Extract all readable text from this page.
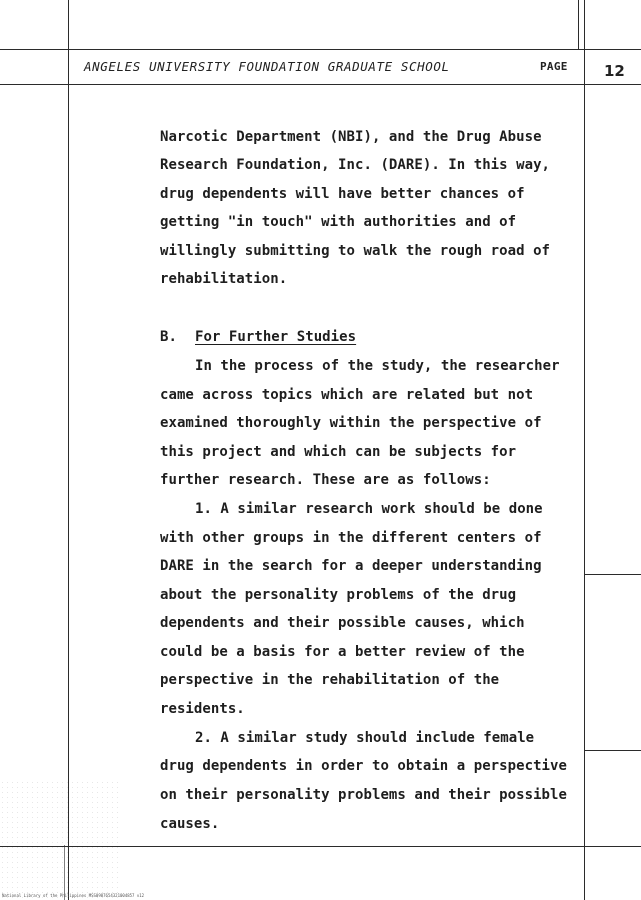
ANGELES UNIVERSITY FOUNDATION GRADUATE SCHOOL	PAGE 12
Narcotic Department (NBI), and the Drug Abuse
Research Foundation, Inc. (DARE). In this way,
drug dependents will have better chances of
getting "in touch" with authorities and of
willingly submitting to walk the rough road of
rehabilitation.
B. For Further Studies
In the process of the study, the researcher
came across topics which are related but not
examined thoroughly within the perspective of
this project and which can be subjects for
further research. These are as follows:
1. A similar research work should be done
with other groups in the different centers of
DARE in the search for a deeper understanding
about the personality problems of the drug
dependents and their possible causes, which
could be a basis for a better review of the
perspective in the rehabilitation of the
residents.
2. A similar study should include female
drug dependents in order to obtain a perspective
on their personality problems and their possible
causes.
National Library of the Philippines MSS0987654321004857 v12
